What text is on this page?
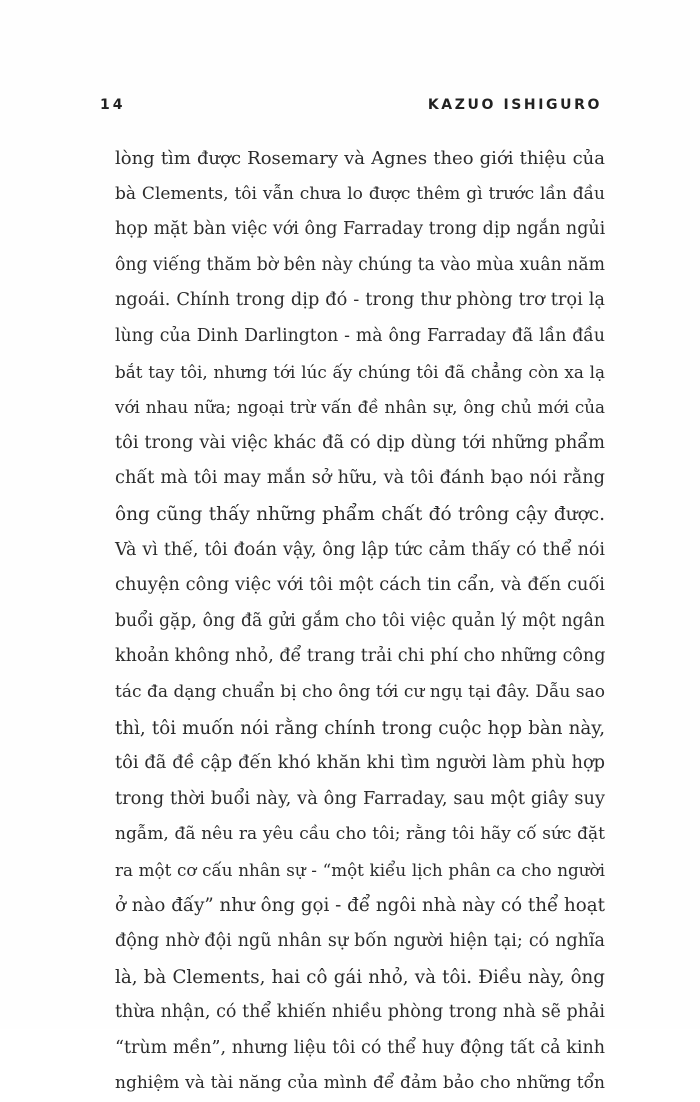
14	KAZUO ISHIGURO
lòng tìm được Rosemary và Agnes theo giới thiệu của
bà Clements, tôi vẫn chưa lo được thêm gì trước lần đầu
họp mặt bàn việc với ông Farraday trong dịp ngắn ngủi
ông viếng thăm bờ bên này chúng ta vào mùa xuân năm
ngoái. Chính trong dịp đó - trong thư phòng trơ trọi lạ
lùng của Dinh Darlington - mà ông Farraday đã lần đầu
bắt tay tôi, nhưng tới lúc ấy chúng tôi đã chẳng còn xa lạ
với nhau nữa; ngoại trừ vấn đề nhân sự, ông chủ mới của
tôi trong vài việc khác đã có dịp dùng tới những phẩm
chất mà tôi may mắn sở hữu, và tôi đánh bạo nói rằng
ông cũng thấy những phẩm chất đó trông cậy được.
Và vì thế, tôi đoán vậy, ông lập tức cảm thấy có thể nói
chuyện công việc với tôi một cách tin cẩn, và đến cuối
buổi gặp, ông đã gửi gắm cho tôi việc quản lý một ngân
khoản không nhỏ, để trang trải chi phí cho những công
tác đa dạng chuẩn bị cho ông tới cư ngụ tại đây. Dẫu sao
thì, tôi muốn nói rằng chính trong cuộc họp bàn này,
tôi đã đề cập đến khó khăn khi tìm người làm phù hợp
trong thời buổi này, và ông Farraday, sau một giây suy
ngẫm, đã nêu ra yêu cầu cho tôi; rằng tôi hãy cố sức đặt
ra một cơ cấu nhân sự - “một kiểu lịch phân ca cho người
ở nào đấy” như ông gọi - để ngôi nhà này có thể hoạt
động nhờ đội ngũ nhân sự bốn người hiện tại; có nghĩa
là, bà Clements, hai cô gái nhỏ, và tôi. Điều này, ông
thừa nhận, có thể khiến nhiều phòng trong nhà sẽ phải
“trùm mền”, nhưng liệu tôi có thể huy động tất cả kinh
nghiệm và tài năng của mình để đảm bảo cho những tổn
